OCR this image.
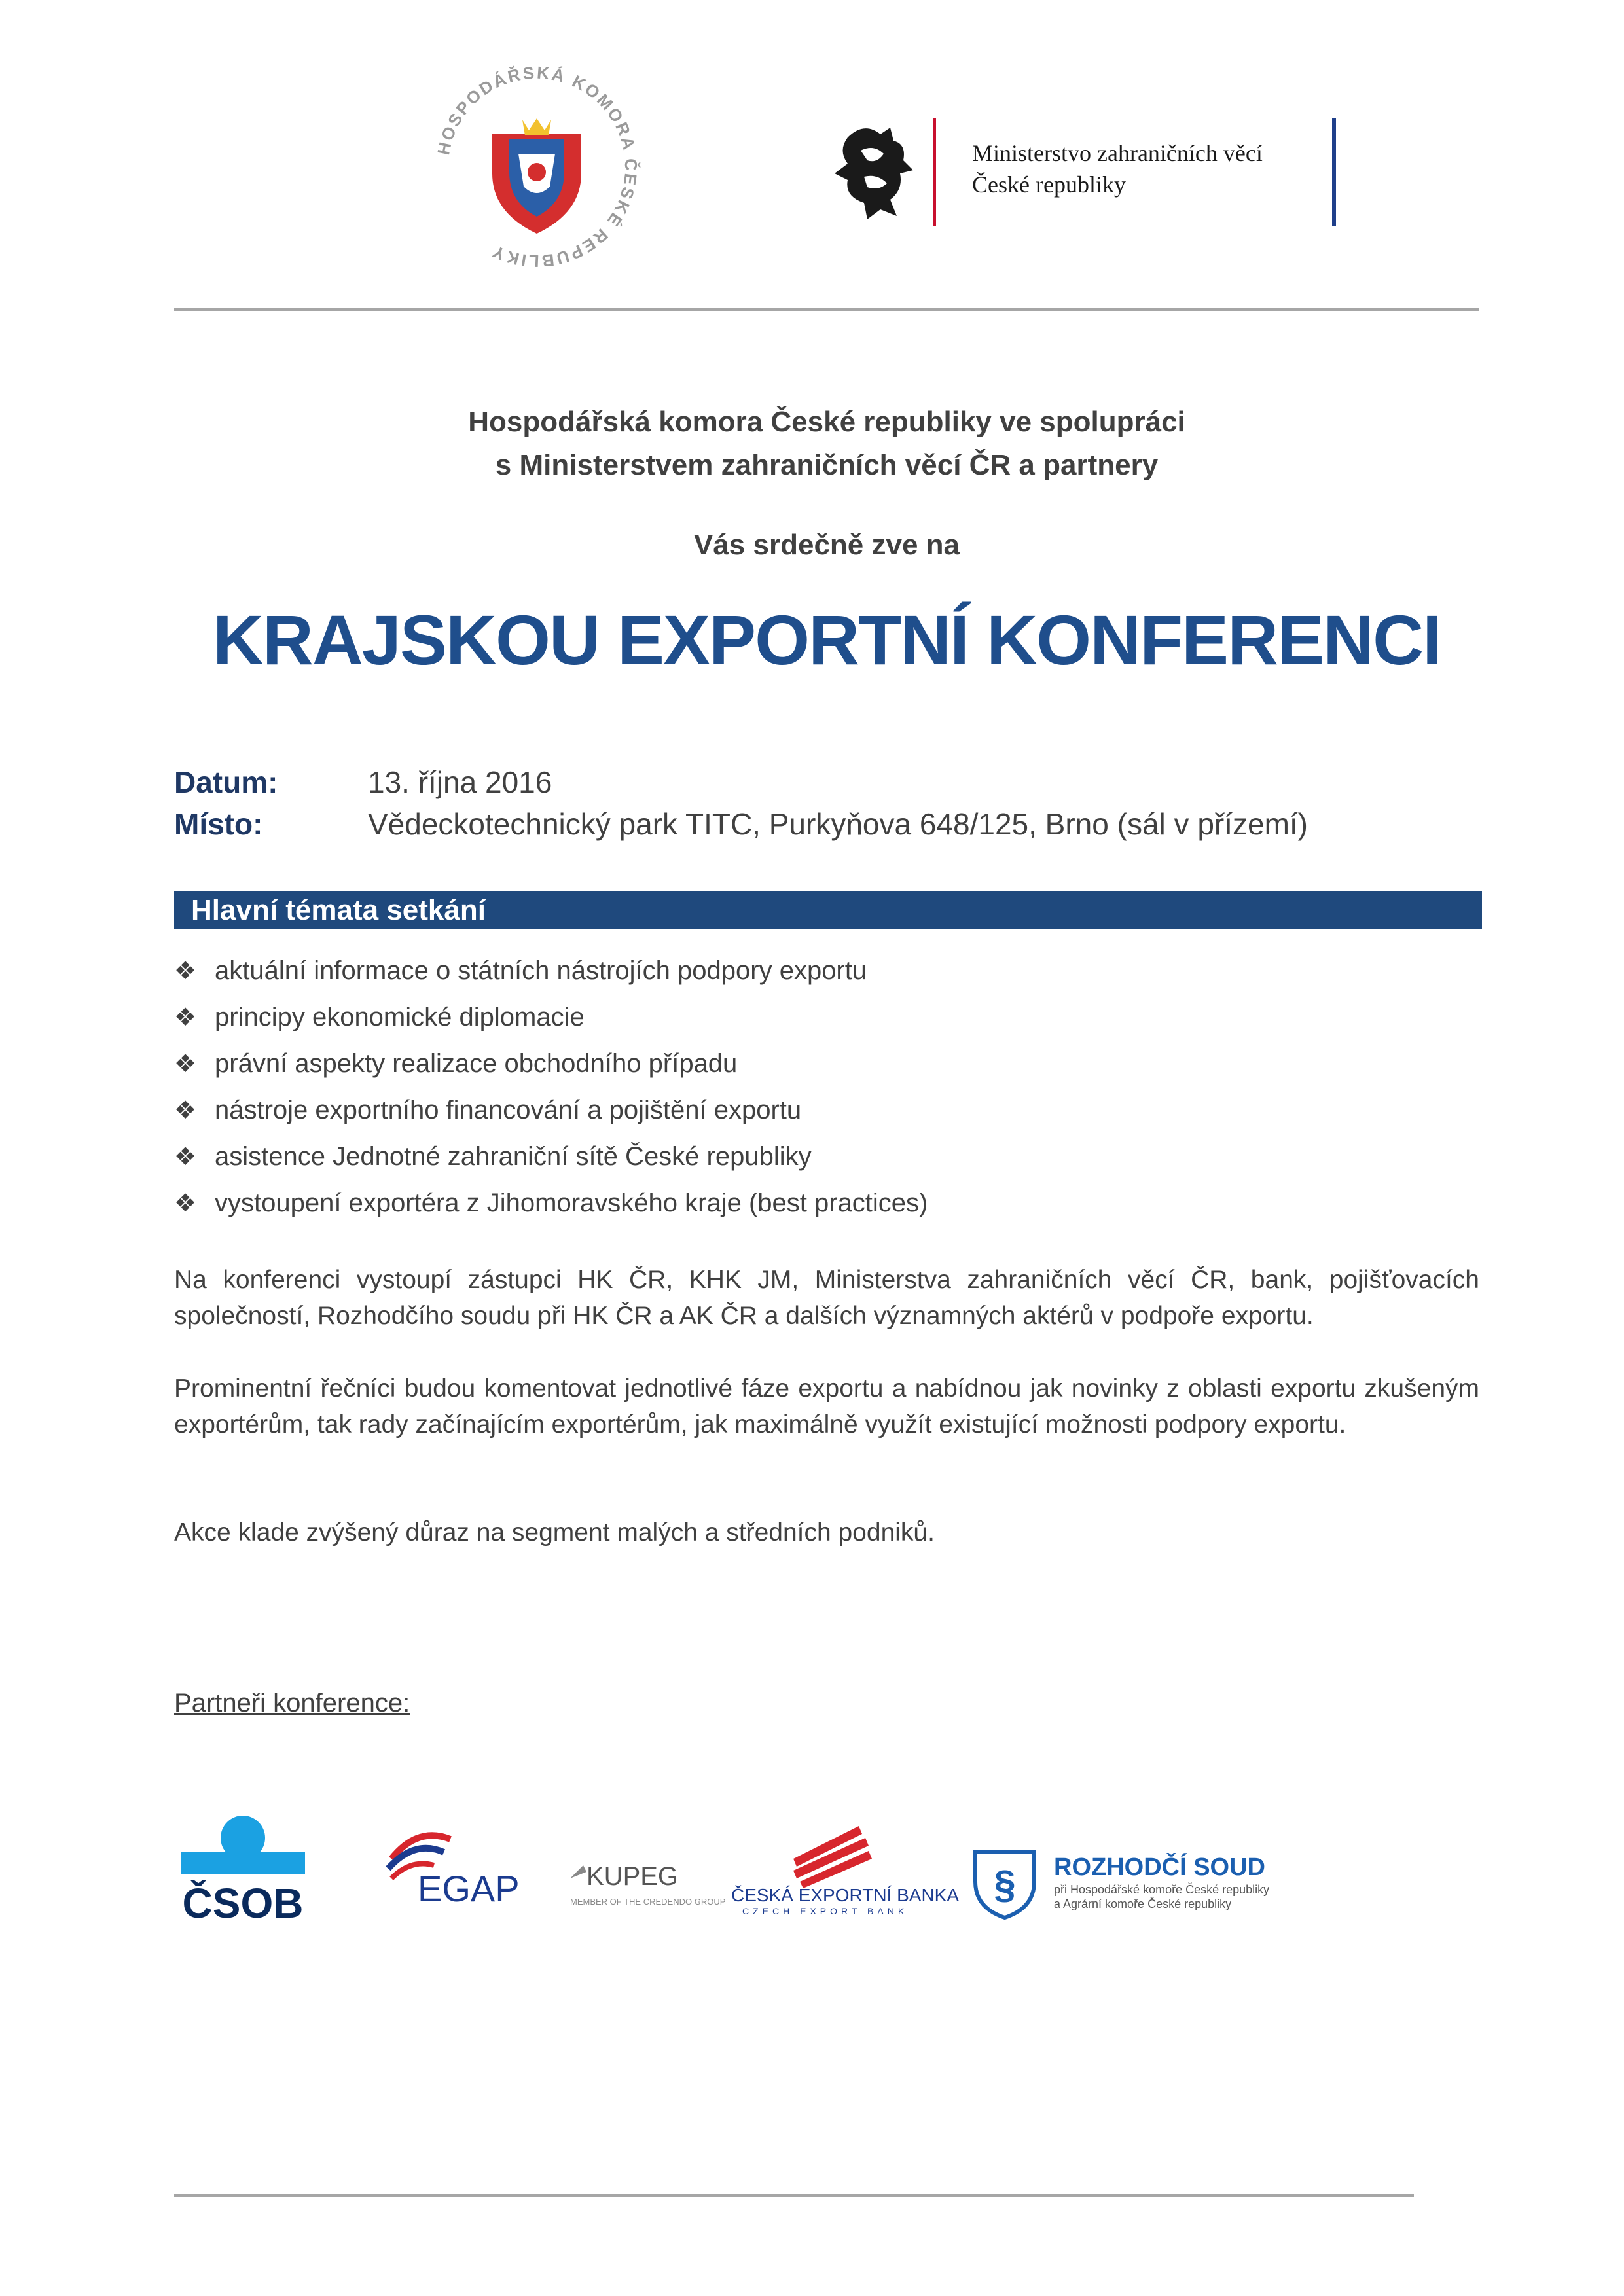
HOSPODÁŘSKÁ KOMORA ČESKÉ REPUBLIKY
Ministerstvo zahraničních věcí
České republiky
Hospodářská komora České republiky ve spolupráci
s Ministerstvem zahraničních věcí ČR a partnery
Vás srdečně zve na
KRAJSKOU EXPORTNÍ KONFERENCI
Datum:	13. října 2016
Místo:	Vědeckotechnický park TITC, Purkyňova 648/125, Brno (sál v přízemí)
Hlavní témata setkání
❖ aktuální informace o státních nástrojích podpory exportu
❖ principy ekonomické diplomacie
❖ právní aspekty realizace obchodního případu
❖ nástroje exportního financování a pojištění exportu
❖ asistence Jednotné zahraniční sítě České republiky
❖ vystoupení exportéra z Jihomoravského kraje (best practices)
Na konferenci vystoupí zástupci HK ČR, KHK JM, Ministerstva zahraničních věcí ČR, bank, pojišťovacích společností, Rozhodčího soudu při HK ČR a AK ČR a dalších významných aktérů v podpoře exportu.
Prominentní řečníci budou komentovat jednotlivé fáze exportu a nabídnou jak novinky z oblasti exportu zkušeným exportérům, tak rady začínajícím exportérům, jak maximálně využít existující možnosti podpory exportu.
Akce klade zvýšený důraz na segment malých a středních podniků.
Partneři konference:
ČSOB	EGAP	KUPEG
MEMBER OF THE CREDENDO GROUP ČESKÁ EXPORTNÍ BANKA
CZECH EXPORT BANK
§ ROZHODČÍ SOUD
při Hospodářské komoře České republiky
a Agrární komoře České republiky
